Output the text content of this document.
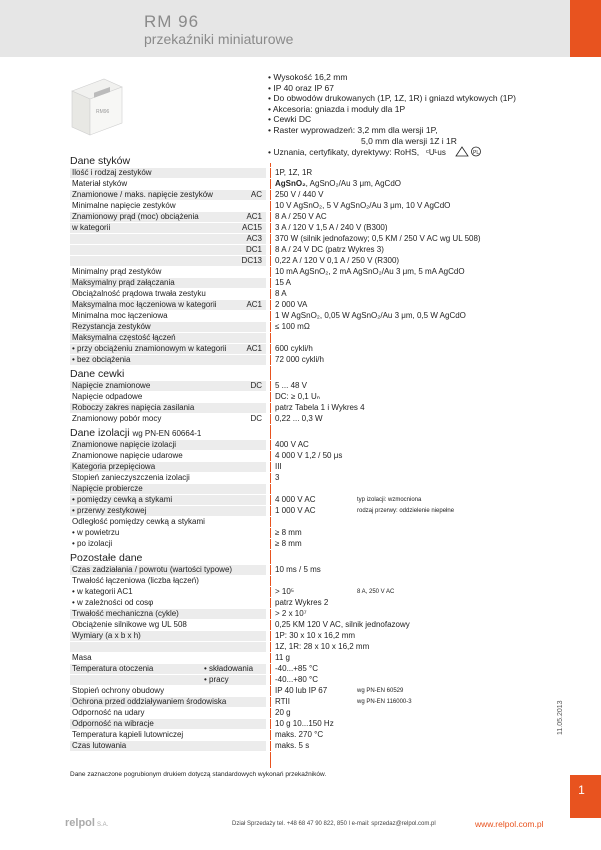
RM 96
przekaźniki miniaturowe
RM96
• Wysokość 16,2 mm
• IP 40 oraz IP 67
• Do obwodów drukowanych (1P, 1Z, 1R) i gniazd wtykowych (1P)
• Akcesoria: gniazda i moduły dla 1P
• Cewki DC
• Raster wyprowadzeń: 3,2 mm dla wersji 1P,
5,0 mm dla wersji 1Z i 1R
• Uznania, certyfikaty, dyrektywy: RoHS, ᶜUᴸus	PL
Dane styków
Ilość i rodzaj zestyków	1P, 1Z, 1R
Materiał styków	AgSnO₂, AgSnO₂/Au 3 μm, AgCdO
Znamionowe / maks. napięcie zestyków	AC 250 V / 440 V
Minimalne napięcie zestyków	10 V AgSnO₂, 5 V AgSnO₂/Au 3 μm, 10 V AgCdO
Znamionowy prąd (moc) obciążenia	AC1 8 A / 250 V AC
w kategorii	AC15 3 A / 120 V 1,5 A / 240 V (B300)
AC3 370 W (silnik jednofazowy; 0,5 KM / 250 V AC wg UL 508)
DC1 8 A / 24 V DC (patrz Wykres 3)
DC13 0,22 A / 120 V 0,1 A / 250 V (R300)
Minimalny prąd zestyków	10 mA AgSnO₂, 2 mA AgSnO₂/Au 3 μm, 5 mA AgCdO
Maksymalny prąd załączania	15 A
Obciążalność prądowa trwała zestyku	8 A
Maksymalna moc łączeniowa w kategorii	AC1 2 000 VA
Minimalna moc łączeniowa	1 W AgSnO₂, 0,05 W AgSnO₂/Au 3 μm, 0,5 W AgCdO
Rezystancja zestyków	≤ 100 mΩ
Maksymalna częstość łączeń
• przy obciążeniu znamionowym w kategorii	AC1 600 cykli/h
• bez obciążenia	72 000 cykli/h
Dane cewki
Napięcie znamionowe	DC 5 ... 48 V
Napięcie odpadowe	DC: ≥ 0,1 Uₙ
Roboczy zakres napięcia zasilania	patrz Tabela 1 i Wykres 4
Znamionowy pobór mocy	DC 0,22 ... 0,3 W
Dane izolacji wg PN-EN 60664-1
Znamionowe napięcie izolacji	400 V AC
Znamionowe napięcie udarowe	4 000 V 1,2 / 50 μs
Kategoria przepięciowa	III
Stopień zanieczyszczenia izolacji	3
Napięcie probiercze
• pomiędzy cewką a stykami	4 000 V AC	typ izolacji: wzmocniona
• przerwy zestykowej	1 000 V AC	rodzaj przerwy: oddzielenie niepełne
Odległość pomiędzy cewką a stykami
• w powietrzu	≥ 8 mm
• po izolacji	≥ 8 mm
Pozostałe dane
Czas zadziałania / powrotu (wartości typowe)	10 ms / 5 ms
Trwałość łączeniowa (liczba łączeń)
• w kategorii AC1	> 10⁵	8 A, 250 V AC
• w zależności od cosφ	patrz Wykres 2
Trwałość mechaniczna (cykle)	> 2 x 10⁷
Obciążenie silnikowe wg UL 508	0,25 KM 120 V AC, silnik jednofazowy
Wymiary (a x b x h)	1P: 30 x 10 x 16,2 mm
1Z, 1R: 28 x 10 x 16,2 mm
Masa	11 g
Temperatura otoczenia	• składowania	-40...+85 °C
• pracy	-40...+80 °C
Stopień ochrony obudowy	IP 40 lub IP 67	wg PN-EN 60529
Ochrona przed oddziaływaniem środowiska	RTII	wg PN-EN 116000-3
Odporność na udary	20 g
Odporność na wibracje	10 g 10...150 Hz
Temperatura kąpieli lutowniczej	maks. 270 °C
Czas lutowania	maks. 5 s
Dane zaznaczone pogrubionym drukiem dotyczą standardowych wykonań przekaźników.
11.05.2013
1
relpol S.A.	Dział Sprzedaży tel. +48 68 47 90 822, 850 l e-mail: sprzedaz@relpol.com.pl	www.relpol.com.pl
